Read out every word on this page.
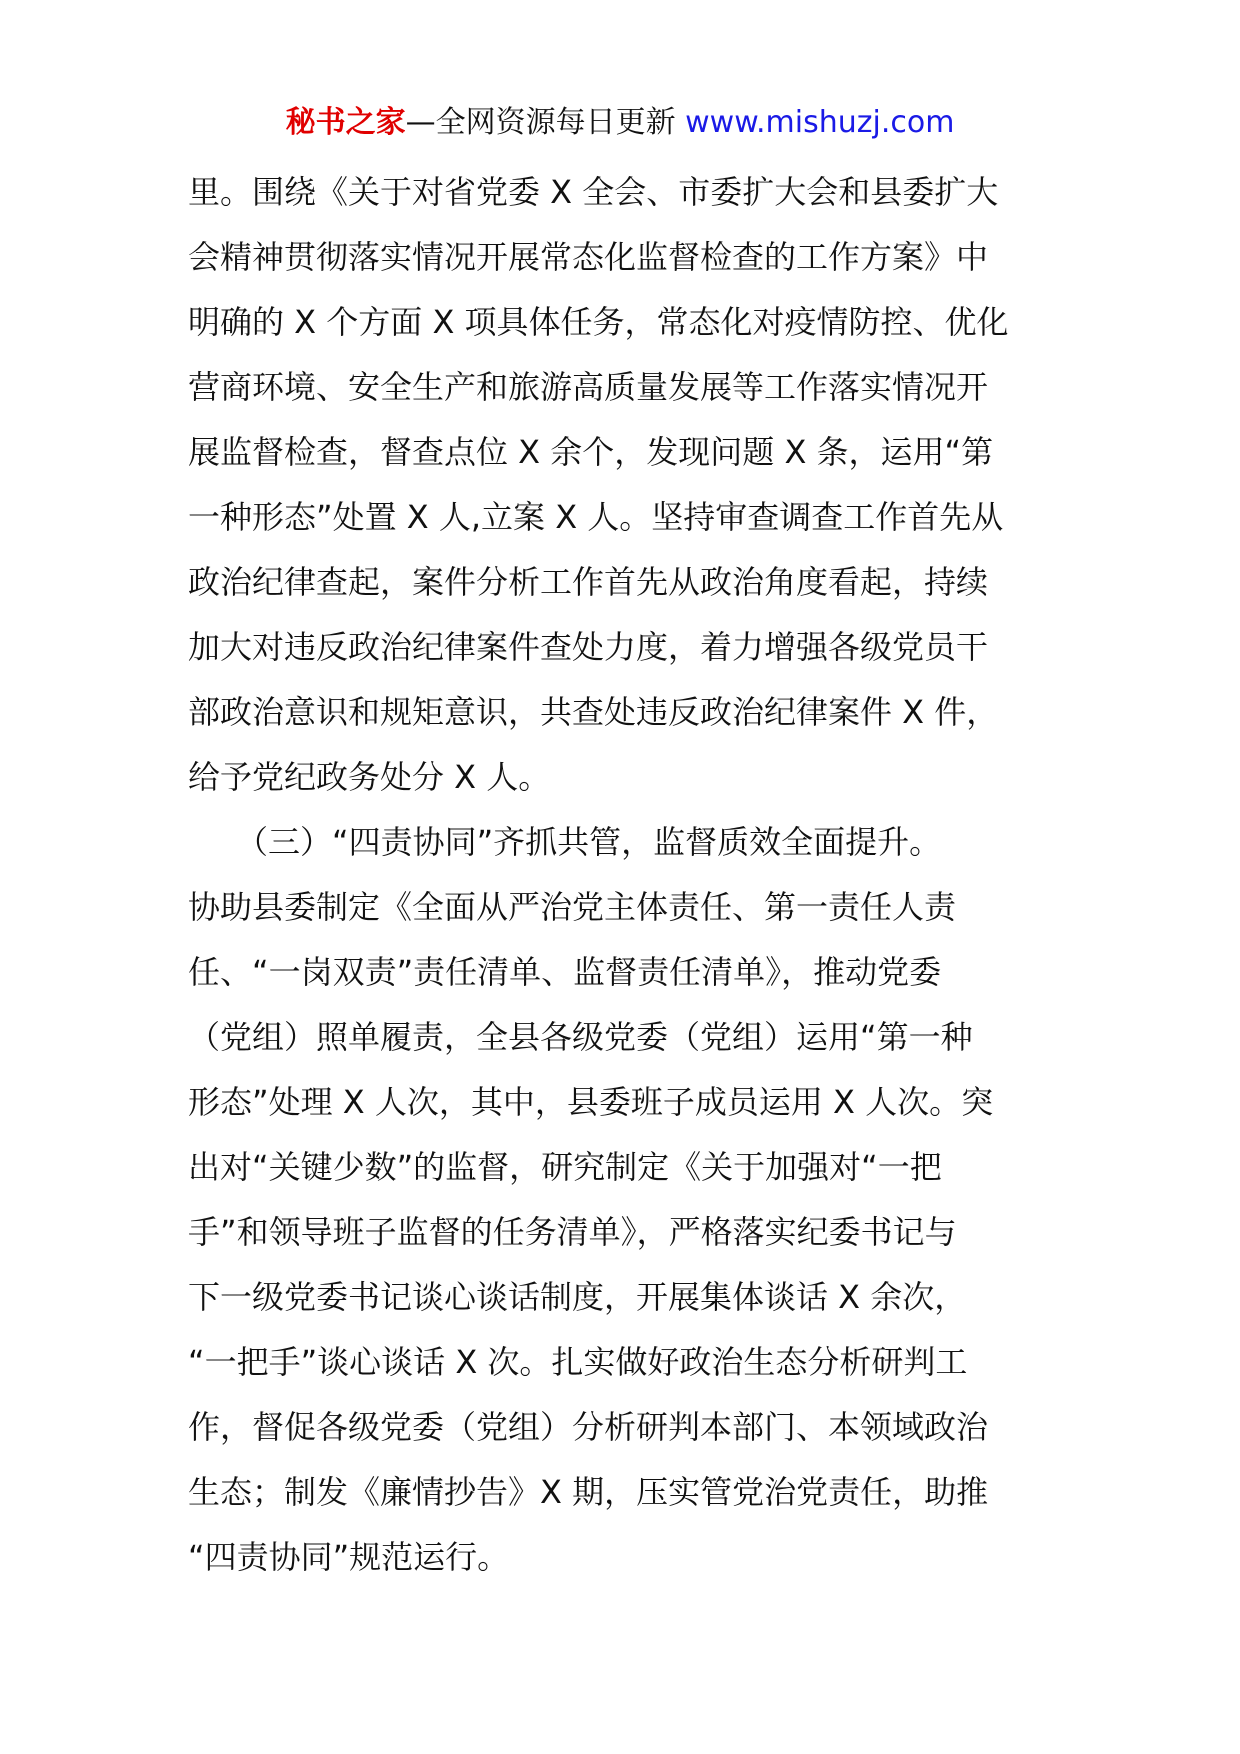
秘书之家—全网资源每日更新 www.mishuzj.com
里。围绕《关于对省党委 X 全会、市委扩大会和县委扩大
会精神贯彻落实情况开展常态化监督检查的工作方案》中
明确的 X 个方面 X 项具体任务，常态化对疫情防控、优化
营商环境、安全生产和旅游高质量发展等工作落实情况开
展监督检查，督查点位 X 余个，发现问题 X 条，运用“第
一种形态”处置 X 人,立案 X 人。坚持审查调查工作首先从
政治纪律查起，案件分析工作首先从政治角度看起，持续
加大对违反政治纪律案件查处力度，着力增强各级党员干
部政治意识和规矩意识，共查处违反政治纪律案件 X 件，
给予党纪政务处分 X 人。
　　（三）“四责协同”齐抓共管，监督质效全面提升。
协助县委制定《全面从严治党主体责任、第一责任人责
任、“一岗双责”责任清单、监督责任清单》，推动党委
（党组）照单履责，全县各级党委（党组）运用“第一种
形态”处理 X 人次，其中，县委班子成员运用 X 人次。突
出对“关键少数”的监督，研究制定《关于加强对“一把
手”和领导班子监督的任务清单》，严格落实纪委书记与
下一级党委书记谈心谈话制度，开展集体谈话 X 余次，
“一把手”谈心谈话 X 次。扎实做好政治生态分析研判工
作，督促各级党委（党组）分析研判本部门、本领域政治
生态；制发《廉情抄告》X 期，压实管党治党责任，助推
“四责协同”规范运行。
